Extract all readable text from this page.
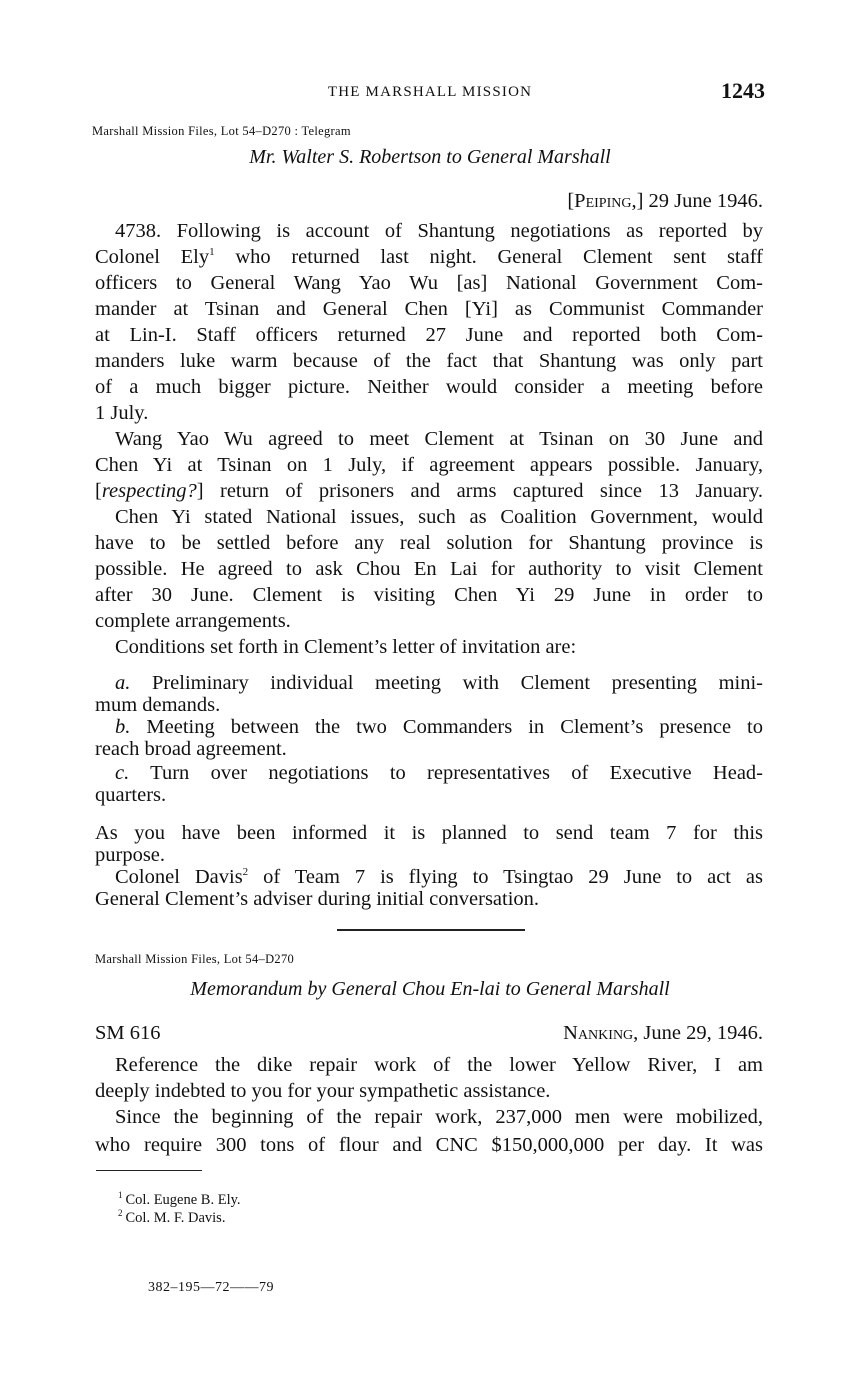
THE MARSHALL MISSION	1243
Marshall Mission Files, Lot 54–D270 : Telegram
Mr. Walter S. Robertson to General Marshall
[Peiping,] 29 June 1946.
4738. Following is account of Shantung negotiations as reported by
Colonel Ely$^1$ who returned last night. General Clement sent staff
officers to General Wang Yao Wu [as] National Government Com-
mander at Tsinan and General Chen [Yi] as Communist Commander
at Lin-I. Staff officers returned 27 June and reported both Com-
manders luke warm because of the fact that Shantung was only part
of a much bigger picture. Neither would consider a meeting before
1 July.
Wang Yao Wu agreed to meet Clement at Tsinan on 30 June and
Chen Yi at Tsinan on 1 July, if agreement appears possible. January,
[respecting?] return of prisoners and arms captured since 13 January.
Chen Yi stated National issues, such as Coalition Government, would
have to be settled before any real solution for Shantung province is
possible. He agreed to ask Chou En Lai for authority to visit Clement
after 30 June. Clement is visiting Chen Yi 29 June in order to
complete arrangements.
Conditions set forth in Clement’s letter of invitation are:
a. Preliminary individual meeting with Clement presenting mini-
mum demands.
b. Meeting between the two Commanders in Clement’s presence to
reach broad agreement.
c. Turn over negotiations to representatives of Executive Head-
quarters.
As you have been informed it is planned to send team 7 for this
purpose.
Colonel Davis$^2$ of Team 7 is flying to Tsingtao 29 June to act as
General Clement’s adviser during initial conversation.
Marshall Mission Files, Lot 54–D270
Memorandum by General Chou En-lai to General Marshall
SM 616	Nanking, June 29, 1946.
Reference the dike repair work of the lower Yellow River, I am
deeply indebted to you for your sympathetic assistance.
Since the beginning of the repair work, 237,000 men were mobilized,
who require 300 tons of flour and CNC $150,000,000 per day. It was
$^1$ Col. Eugene B. Ely.
$^2$ Col. M. F. Davis.
382–195—72——79
